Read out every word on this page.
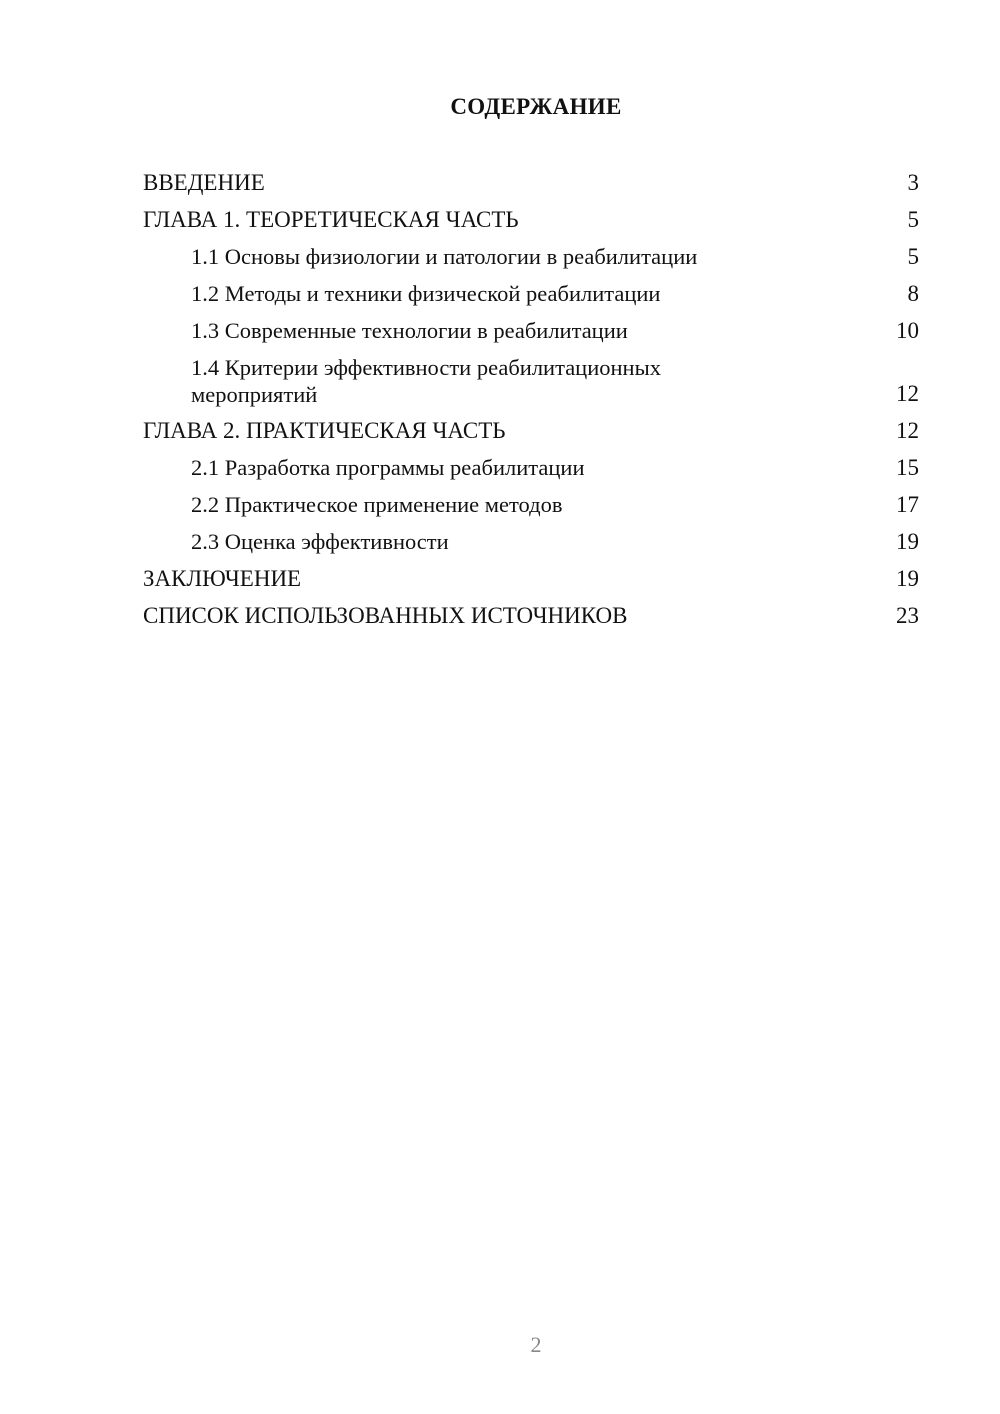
СОДЕРЖАНИЕ
ВВЕДЕНИЕ	3
ГЛАВА 1. ТЕОРЕТИЧЕСКАЯ ЧАСТЬ	5
1.1 Основы физиологии и патологии в реабилитации	5
1.2 Методы и техники физической реабилитации	8
1.3 Современные технологии в реабилитации	10
1.4 Критерии эффективности реабилитационных мероприятий	12
ГЛАВА 2. ПРАКТИЧЕСКАЯ ЧАСТЬ	12
2.1 Разработка программы реабилитации	15
2.2 Практическое применение методов	17
2.3 Оценка эффективности	19
ЗАКЛЮЧЕНИЕ	19
СПИСОК ИСПОЛЬЗОВАННЫХ ИСТОЧНИКОВ	23
2
